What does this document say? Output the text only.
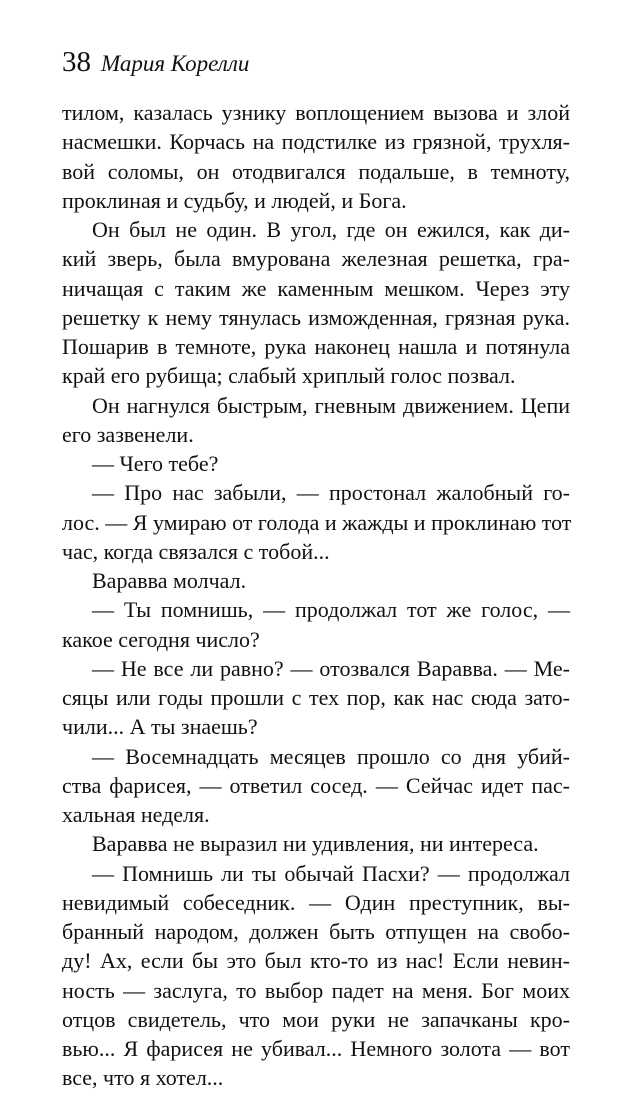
38 Мария Корелли
тилом, казалась узнику воплощением вызова и злой
насмешки. Корчась на подстилке из грязной, трухля-
вой соломы, он отодвигался подальше, в темноту,
проклиная и судьбу, и людей, и Бога.
Он был не один. В угол, где он ежился, как ди-
кий зверь, была вмурована железная решетка, гра-
ничащая с таким же каменным мешком. Через эту
решетку к нему тянулась изможденная, грязная рука.
Пошарив в темноте, рука наконец нашла и потянула
край его рубища; слабый хриплый голос позвал.
Он нагнулся быстрым, гневным движением. Цепи
его зазвенели.
— Чего тебе?
— Про нас забыли, — простонал жалобный го-
лос. — Я умираю от голода и жажды и проклинаю тот
час, когда связался с тобой...
Варавва молчал.
— Ты помнишь, — продолжал тот же голос, —
какое сегодня число?
— Не все ли равно? — отозвался Варавва. — Ме-
сяцы или годы прошли с тех пор, как нас сюда зато-
чили... А ты знаешь?
— Восемнадцать месяцев прошло со дня убий-
ства фарисея, — ответил сосед. — Сейчас идет пас-
хальная неделя.
Варавва не выразил ни удивления, ни интереса.
— Помнишь ли ты обычай Пасхи? — продолжал
невидимый собеседник. — Один преступник, вы-
бранный народом, должен быть отпущен на свобо-
ду! Ах, если бы это был кто-то из нас! Если невин-
ность — заслуга, то выбор падет на меня. Бог моих
отцов свидетель, что мои руки не запачканы кро-
вью... Я фарисея не убивал... Немного золота — вот
все, что я хотел...
